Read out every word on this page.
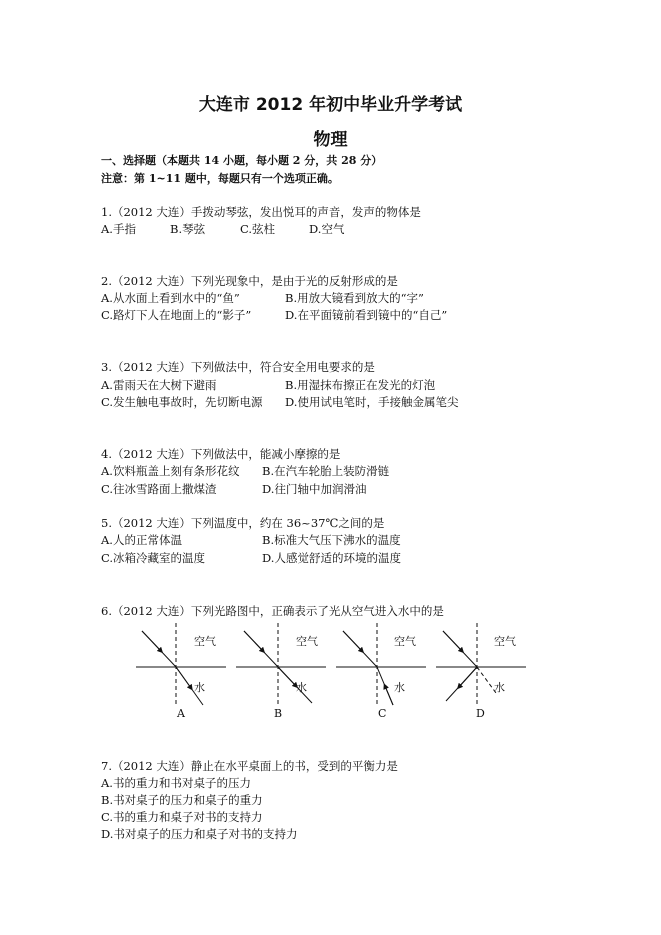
大连市 2012 年初中毕业升学考试
物理
一、选择题（本题共 14 小题，每小题 2 分，共 28 分）
注意：第 1~11 题中，每题只有一个选项正确。
1.（2012 大连）手拨动琴弦，发出悦耳的声音，发声的物体是
A.手指	B.琴弦	C.弦柱	D.空气
2.（2012 大连）下列光现象中，是由于光的反射形成的是
A.从水面上看到水中的“鱼”	B.用放大镜看到放大的“字”
C.路灯下人在地面上的“影子”	D.在平面镜前看到镜中的“自己”
3.（2012 大连）下列做法中，符合安全用电要求的是
A.雷雨天在大树下避雨	B.用湿抹布擦正在发光的灯泡
C.发生触电事故时，先切断电源 D.使用试电笔时，手接触金属笔尖
4.（2012 大连）下列做法中，能减小摩擦的是
A.饮料瓶盖上刻有条形花纹 B.在汽车轮胎上装防滑链
C.往冰雪路面上撒煤渣	D.往门轴中加润滑油
5.（2012 大连）下列温度中，约在 36~37℃之间的是
A.人的正常体温	B.标准大气压下沸水的温度
C.冰箱冷藏室的温度	D.人感觉舒适的环境的温度
6.（2012 大连）下列光路图中，正确表示了光从空气进入水中的是
空气
水
A
空气
水
B
空气
水
C
空气
水
D
7.（2012 大连）静止在水平桌面上的书，受到的平衡力是
A.书的重力和书对桌子的压力
B.书对桌子的压力和桌子的重力
C.书的重力和桌子对书的支持力
D.书对桌子的压力和桌子对书的支持力
